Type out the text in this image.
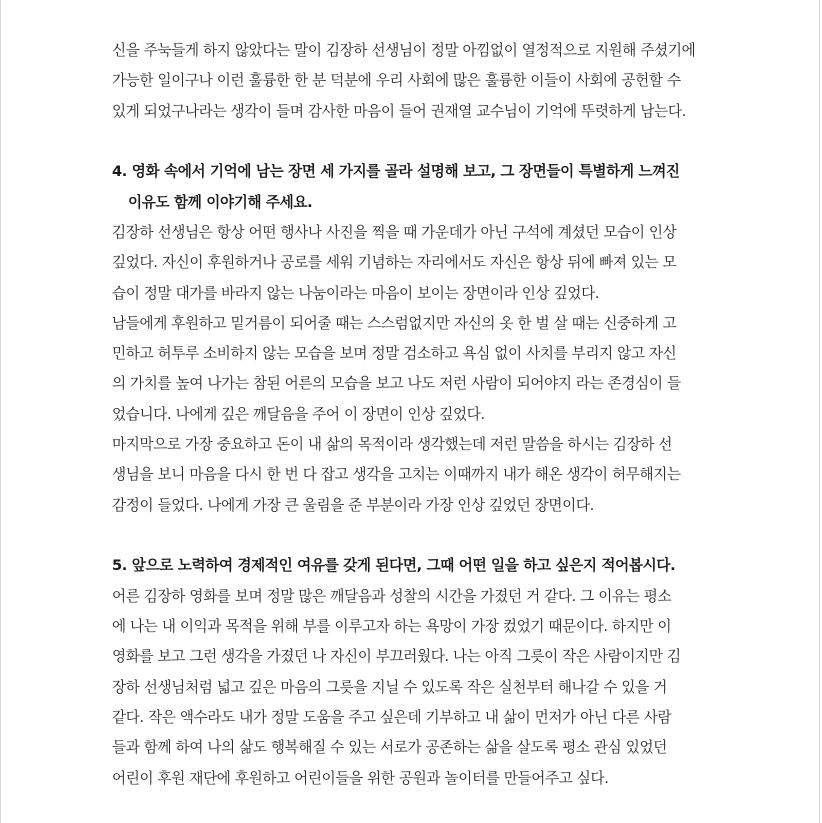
신을 주눅들게 하지 않았다는 말이 김장하 선생님이 정말 아낌없이 열정적으로 지원해 주셨기에
가능한 일이구나 이런 훌륭한 한 분 덕분에 우리 사회에 많은 훌륭한 이들이 사회에 공헌할 수
있게 되었구나라는 생각이 들며 감사한 마음이 들어 권재열 교수님이 기억에 뚜렷하게 남는다.
4. 영화 속에서 기억에 남는 장면 세 가지를 골라 설명해 보고, 그 장면들이 특별하게 느껴진
이유도 함께 이야기해 주세요.
김장하 선생님은 항상 어떤 행사나 사진을 찍을 때 가운데가 아닌 구석에 계셨던 모습이 인상
깊었다. 자신이 후원하거나 공로를 세워 기념하는 자리에서도 자신은 항상 뒤에 빠져 있는 모
습이 정말 대가를 바라지 않는 나눔이라는 마음이 보이는 장면이라 인상 깊었다.
남들에게 후원하고 밑거름이 되어줄 때는 스스럼없지만 자신의 옷 한 벌 살 때는 신중하게 고
민하고 허투루 소비하지 않는 모습을 보며 정말 검소하고 욕심 없이 사치를 부리지 않고 자신
의 가치를 높여 나가는 참된 어른의 모습을 보고 나도 저런 사람이 되어야지 라는 존경심이 들
었습니다. 나에게 깊은 깨달음을 주어 이 장면이 인상 깊었다.
마지막으로 가장 중요하고 돈이 내 삶의 목적이라 생각했는데 저런 말씀을 하시는 김장하 선
생님을 보니 마음을 다시 한 번 다 잡고 생각을 고치는 이때까지 내가 해온 생각이 허무해지는
감정이 들었다. 나에게 가장 큰 울림을 준 부분이라 가장 인상 깊었던 장면이다.
5. 앞으로 노력하여 경제적인 여유를 갖게 된다면, 그때 어떤 일을 하고 싶은지 적어봅시다.
어른 김장하 영화를 보며 정말 많은 깨달음과 성찰의 시간을 가졌던 거 같다. 그 이유는 평소
에 나는 내 이익과 목적을 위해 부를 이루고자 하는 욕망이 가장 컸었기 때문이다. 하지만 이
영화를 보고 그런 생각을 가졌던 나 자신이 부끄러웠다. 나는 아직 그릇이 작은 사람이지만 김
장하 선생님처럼 넓고 깊은 마음의 그릇을 지닐 수 있도록 작은 실천부터 해나갈 수 있을 거
같다. 작은 액수라도 내가 정말 도움을 주고 싶은데 기부하고 내 삶이 먼저가 아닌 다른 사람
들과 함께 하여 나의 삶도 행복해질 수 있는 서로가 공존하는 삶을 살도록 평소 관심 있었던
어린이 후원 재단에 후원하고 어린이들을 위한 공원과 놀이터를 만들어주고 싶다.
